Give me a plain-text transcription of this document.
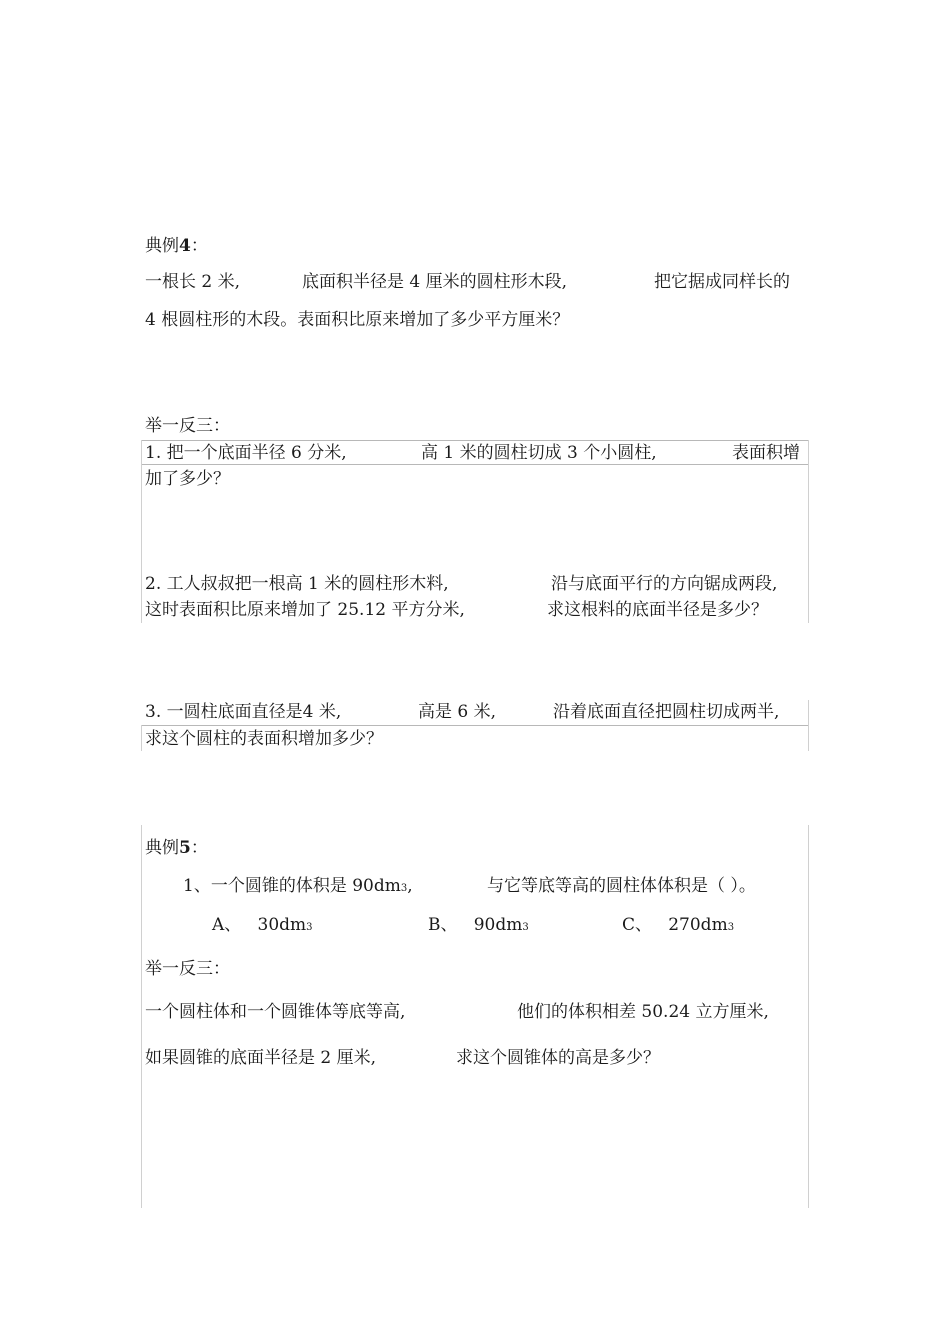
典例4：
一根长 2 米,	底面积半径是 4 厘米的圆柱形木段,	把它据成同样长的
4 根圆柱形的木段。表面积比原来增加了多少平方厘米？
举一反三：
1. 把一个底面半径 6 分米,	高 1 米的圆柱切成 3 个小圆柱,	表面积增
加了多少？
2. 工人叔叔把一根高 1 米的圆柱形木料,	沿与底面平行的方向锯成两段,
这时表面积比原来增加了 25.12 平方分米,	求这根料的底面半径是多少？
3. 一圆柱底面直径是4 米,	高是 6 米,	沿着底面直径把圆柱切成两半,
求这个圆柱的表面积增加多少？
典例5：
1、一个圆锥的体积是 90dm3,	与它等底等高的圆柱体体积是（ ）。
A、 30dm3	B、 90dm3	C、 270dm3
举一反三：
一个圆柱体和一个圆锥体等底等高,	他们的体积相差 50.24 立方厘米,
如果圆锥的底面半径是 2 厘米,	求这个圆锥体的高是多少？
